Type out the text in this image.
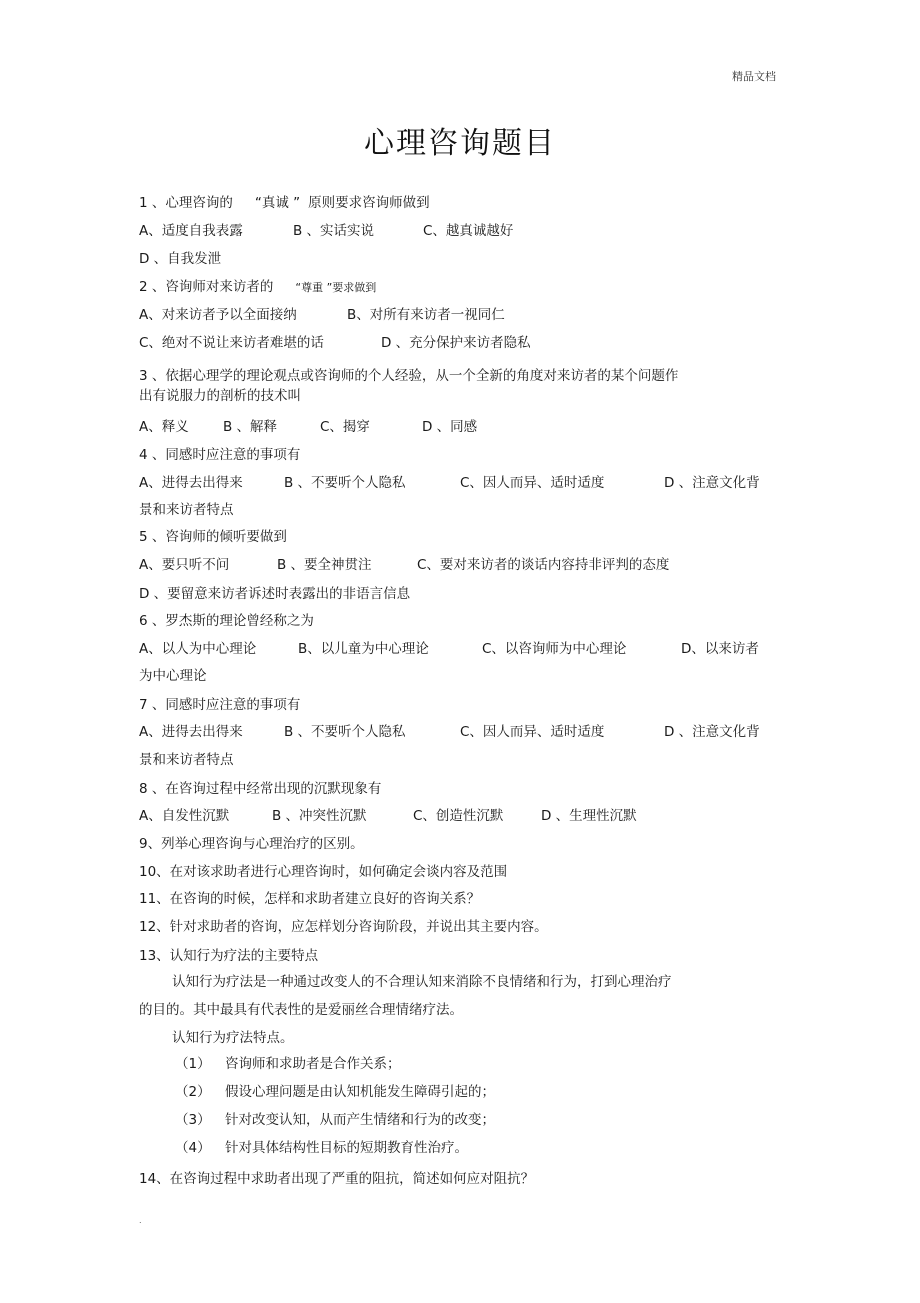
精品文档
心理咨询题目
1 、心理咨询的 “真诚 ” 原则要求咨询师做到
A、适度自我表露	B 、实话实说	C、越真诚越好
D 、自我发泄
2 、咨询师对来访者的 “尊重 ”要求做到
A、对来访者予以全面接纳	B、对所有来访者一视同仁
C、绝对不说让来访者难堪的话	D 、充分保护来访者隐私
3 、依据心理学的理论观点或咨询师的个人经验，从一个全新的角度对来访者的某个问题作
出有说服力的剖析的技术叫
A、释义	B 、解释	C、揭穿	D 、同感
4 、同感时应注意的事项有
A、进得去出得来	B 、不要听个人隐私	C、因人而异、适时适度	D 、注意文化背
景和来访者特点
5 、咨询师的倾听要做到
A、要只听不问	B 、要全神贯注	C、要对来访者的谈话内容持非评判的态度
D 、要留意来访者诉述时表露出的非语言信息
6 、罗杰斯的理论曾经称之为
A、以人为中心理论	B、以儿童为中心理论	C、以咨询师为中心理论	D、以来访者
为中心理论
7 、同感时应注意的事项有
A、进得去出得来	B 、不要听个人隐私	C、因人而异、适时适度	D 、注意文化背
景和来访者特点
8 、在咨询过程中经常出现的沉默现象有
A、自发性沉默	B 、冲突性沉默	C、创造性沉默	D 、生理性沉默
9、列举心理咨询与心理治疗的区别。
10、在对该求助者进行心理咨询时，如何确定会谈内容及范围
11、在咨询的时候，怎样和求助者建立良好的咨询关系？
12、针对求助者的咨询，应怎样划分咨询阶段，并说出其主要内容。
13、认知行为疗法的主要特点
认知行为疗法是一种通过改变人的不合理认知来消除不良情绪和行为，打到心理治疗
的目的。其中最具有代表性的是爱丽丝合理情绪疗法。
认知行为疗法特点。
（1） 咨询师和求助者是合作关系；
（2） 假设心理问题是由认知机能发生障碍引起的；
（3） 针对改变认知，从而产生情绪和行为的改变；
（4） 针对具体结构性目标的短期教育性治疗。
14、在咨询过程中求助者出现了严重的阻抗，简述如何应对阻抗？
.
